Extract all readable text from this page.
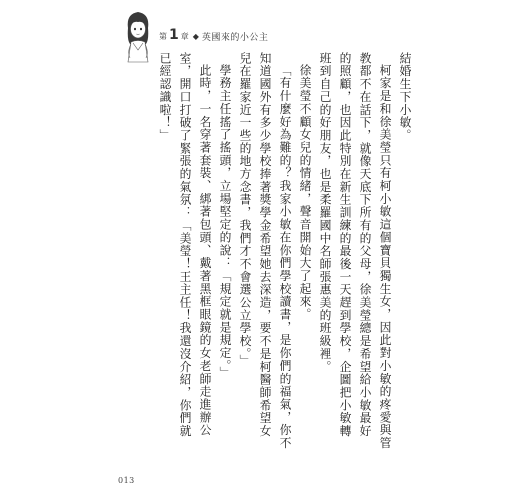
第 1 章 ◆ 英國來的小公主

結婚生下小敏。

柯家是和徐美瑩只有柯小敏這個寶貝獨生女，因此對小敏的疼愛與管教都不在話下，就像天底下所有的父母，徐美瑩總是希望給小敏最好的照顧，也因此特別在新生訓練的最後一天趕到學校，企圖把小敏轉班到自己的好朋友，也是柔羅國中名師張惠美的班級裡。

徐美瑩不顧女兒的情緒，聲音開始大了起來。

「有什麼好為難的？我家小敏在你們學校讀書，是你們的福氣，你不知道國外有多少學校捧著獎學金希望她去深造，要不是柯醫師希望女兒在羅家近一些的地方念書，我們才不會選公立學校。」

學務主任搖了搖頭，立場堅定的說：「規定就是規定。」

此時，一名穿著套裝、綁著包頭、戴著黑框眼鏡的女老師走進辦公室，開口打破了緊張的氣氛：「美瑩！王主任！我還沒介紹，你們就已經認識啦！」

013
